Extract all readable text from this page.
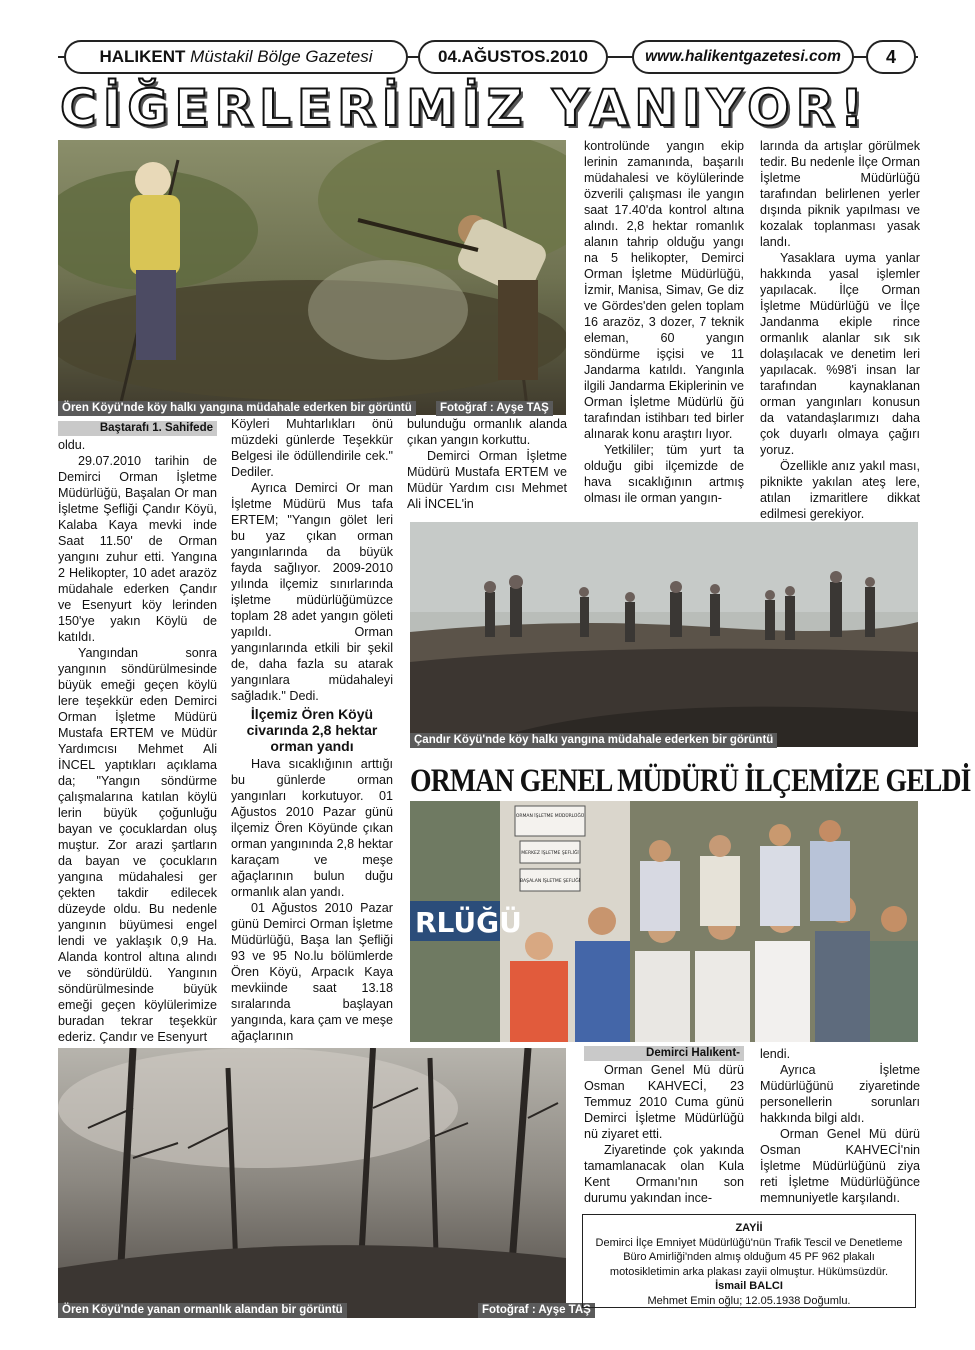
HALIKENT
Müstakil Bölge Gazetesi	04.AĞUSTOS.2010	www.halikentgazetesi.com	4
CİĞERLERİMİZ YANIYOR!
Ören Köyü'nde köy halkı yangına müdahale ederken bir görüntü	Fotoğraf : Ayşe TAŞ
Baştarafı 1. Sahifede

oldu.

29.07.2010 tarihin de Demirci Orman İşletme Müdürlüğü, Başalan Or man İşletme Şefliği Çandır Köyü, Kalaba Kaya mevki inde Saat 11.50' de Orman yangını zuhur etti. Yangına 2 Helikopter, 10 adet arazöz müdahale ederken Çandır ve Esenyurt köy lerinden 150'ye yakın Köylü de katıldı.

Yangından sonra yangının söndürülmesinde büyük emeği geçen köylü lere teşekkür eden Demirci Orman İşletme Müdürü Mustafa ERTEM ve Müdür Yardımcısı Mehmet Ali İNCEL yaptıkları açıklama da; "Yangın söndürme çalışmalarına katılan köylü lerin büyük çoğunluğu bayan ve çocuklardan oluş muştur. Zor arazi şartların da bayan ve çocukların yangına müdahalesi ger çekten takdir edilecek düzeyde oldu. Bu nedenle yangının büyümesi engel lendi ve yaklaşık 0,9 Ha. Alanda kontrol altına alındı ve söndürüldü. Yangının söndürülmesinde büyük emeği geçen köylülerimize buradan tekrar teşekkür ederiz. Çandır ve Esenyurt

Köyleri Muhtarlıkları önü müzdeki günlerde Teşekkür Belgesi ile ödüllendirile cek." Dediler.

Ayrıca Demirci Or man İşletme Müdürü Mus tafa ERTEM; "Yangın gölet leri bu yaz çıkan orman yangınlarında da büyük fayda sağlıyor. 2009-2010 yılında ilçemiz sınırlarında işletme müdürlüğümüzce toplam 28 adet yangın göleti yapıldı. Orman yangınlarında etkili bir şekil de, daha fazla su atarak yangınlara müdahaleyi sağladık." Dedi.

İlçemiz Ören Köyü civarında 2,8 hektar orman yandı

Hava sıcaklığının arttığı bu günlerde orman yangınları korkutuyor. 01 Ağustos 2010 Pazar günü ilçemiz Ören Köyünde çıkan orman yangınında 2,8 hektar karaçam ve meşe ağaçlarının bulun duğu ormanlık alan yandı.

01 Ağustos 2010 Pazar günü Demirci Orman İşletme Müdürlüğü, Başa lan Şefliği 93 ve 95 No.lu bölümlerde Ören Köyü, Arpacık Kaya mevkiinde saat 13.18 sıralarında başlayan yangında, kara çam ve meşe ağaçlarının

bulunduğu ormanlık alanda çıkan yangın korkuttu.

Demirci Orman İşletme Müdürü Mustafa ERTEM ve Müdür Yardım cısı Mehmet Ali İNCEL'in

kontrolünde yangın ekip lerinin zamanında, başarılı müdahalesi ve köylülerinde özverili çalışması ile yangın saat 17.40'da kontrol altına alındı. 2,8 hektar romanlık alanın tahrip olduğu yangı na 5 helikopter, Demirci Orman İşletme Müdürlüğü, İzmir, Manisa, Simav, Ge diz ve Gördes'den gelen toplam 16 arazöz, 3 dozer, 7 teknik eleman, 60 yangın söndürme işçisi ve 11 Jandarma katıldı. Yangınla ilgili Jandarma Ekiplerinin ve Orman İşletme Müdürlü ğü tarafından istihbarı ted birler alınarak konu araştırı lıyor.

Yetkililer; tüm yurt ta olduğu gibi ilçemizde de hava sıcaklığının artmış olması ile orman yangın-

larında da artışlar görülmek tedir. Bu nedenle İlçe Orman İşletme Müdürlüğü tarafından belirlenen yerler dışında piknik yapılması ve kozalak toplanması yasak landı.

Yasaklara uyma yanlar hakkında yasal işlemler yapılacak. İlçe Orman İşletme Müdürlüğü ve İlçe Jandanma ekiple rince ormanlık alanlar sık sık dolaşılacak ve denetim leri yapılacak. %98'i insan lar tarafından kaynaklanan orman yangınları konusun da vatandaşlarımızı daha çok duyarlı olmaya çağırı yoruz.

Özellikle anız yakıl ması, piknikte yakılan ateş lere, atılan izmaritlere dikkat edilmesi gerekiyor.

Çandır Köyü'nde köy halkı yangına müdahale ederken bir görüntü
ORMAN GENEL MÜDÜRÜ İLÇEMİZE GELDİ
RLÜĞÜ
ORMAN İŞLETME MÜDÜRLÜĞÜ
MERKEZ İŞLETME ŞEFLİĞİ
BAŞALAN İŞLETME ŞEFLİĞİ
Ören Köyü'nde yanan ormanlık alandan bir görüntü	Fotoğraf : Ayşe TAŞ
Demirci Halıkent-

Orman Genel Mü dürü Osman KAHVECİ, 23 Temmuz 2010 Cuma günü Demirci İşletme Müdürlüğü nü ziyaret etti.

Ziyaretinde çok yakında tamamlanacak olan Kula Kent Ormanı'nın son durumu yakından ince-

lendi.

Ayrıca İşletme Müdürlüğünü ziyaretinde personellerin sorunları hakkında bilgi aldı.

Orman Genel Mü dürü Osman KAHVECİ'nin İşletme Müdürlüğünü ziya reti İşletme Müdürlüğünce memnuniyetle karşılandı.

ZAYİİ
Demirci İlçe Emniyet Müdürlüğü'nün Trafik Tescil ve Denetleme Büro Amirliği'nden almış olduğum 45 PF 962 plakalı motosikletimin arka plakası zayii olmuştur. Hükümsüzdür.
İsmail BALCI
Mehmet Emin oğlu; 12.05.1938 Doğumlu.
